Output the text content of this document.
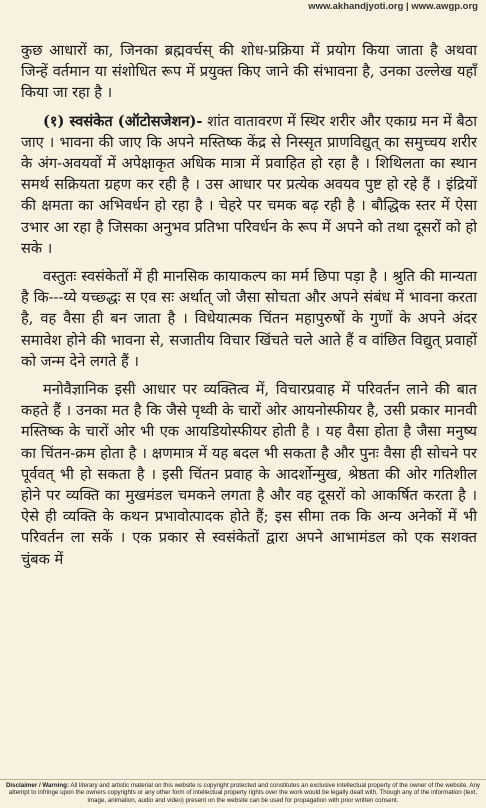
www.akhandjyoti.org | www.awgp.org

कुछ आधारों का, जिनका ब्रह्मवर्चस् की शोध-प्रक्रिया में प्रयोग किया जाता है अथवा जिन्हें वर्तमान या संशोधित रूप में प्रयुक्त किए जाने की संभावना है, उनका उल्लेख यहाँ किया जा रहा है ।

(१) स्वसंकेत (ऑटोसजेशन)- शांत वातावरण में स्थिर शरीर और एकाग्र मन में बैठा जाए । भावना की जाए कि अपने मस्तिष्क केंद्र से निस्सृत प्राणविद्युत् का समुच्चय शरीर के अंग-अवयवों में अपेक्षाकृत अधिक मात्रा में प्रवाहित हो रहा है । शिथिलता का स्थान समर्थ सक्रियता ग्रहण कर रही है । उस आधार पर प्रत्येक अवयव पुष्ट हो रहे हैं । इंद्रियों की क्षमता का अभिवर्धन हो रहा है । चेहरे पर चमक बढ़ रही है । बौद्धिक स्तर में ऐसा उभार आ रहा है जिसका अनुभव प्रतिभा परिवर्धन के रूप में अपने को तथा दूसरों को हो सके ।

वस्तुतः स्वसंकेतों में ही मानसिक कायाकल्प का मर्म छिपा पड़ा है । श्रुति की मान्यता है कि---य्ये यच्छ्द्धः स एव सः अर्थात् जो जैसा सोचता और अपने संबंध में भावना करता है, वह वैसा ही बन जाता है । विधेयात्मक चिंतन महापुरुषों के गुणों के अपने अंदर समावेश होने की भावना से, सजातीय विचार खिंचते चले आते हैं व वांछित विद्युत् प्रवाहों को जन्म देने लगते हैं ।

मनोवैज्ञानिक इसी आधार पर व्यक्तित्व में, विचारप्रवाह में परिवर्तन लाने की बात कहते हैं । उनका मत है कि जैसे पृथ्वी के चारों ओर आयनोस्फीयर है, उसी प्रकार मानवी मस्तिष्क के चारों ओर भी एक आयडियोस्फीयर होती है । यह वैसा होता है जैसा मनुष्य का चिंतन-क्रम होता है । क्षणमात्र में यह बदल भी सकता है और पुनः वैसा ही सोचने पर पूर्ववत् भी हो सकता है । इसी चिंतन प्रवाह के आदर्शोन्मुख, श्रेष्ठता की ओर गतिशील होने पर व्यक्ति का मुखमंडल चमकने लगता है और वह दूसरों को आकर्षित करता है । ऐसे ही व्यक्ति के कथन प्रभावोत्पादक होते हैं; इस सीमा तक कि अन्य अनेकों में भी परिवर्तन ला सकें । एक प्रकार से स्वसंकेतों द्वारा अपने आभामंडल को एक सशक्त चुंबक में

Disclaimer / Warning: All literary and artistic material on this website is copyright protected and constitutes an exclusive intellectual property of the owner of the website. Any attempt to infringe upon the owners copyrights or any other form of intellectual property rights over the work would be legally dealt with. Though any of the information (text, image, animation, audio and video) present on the website can be used for propagation with prior written consent.
